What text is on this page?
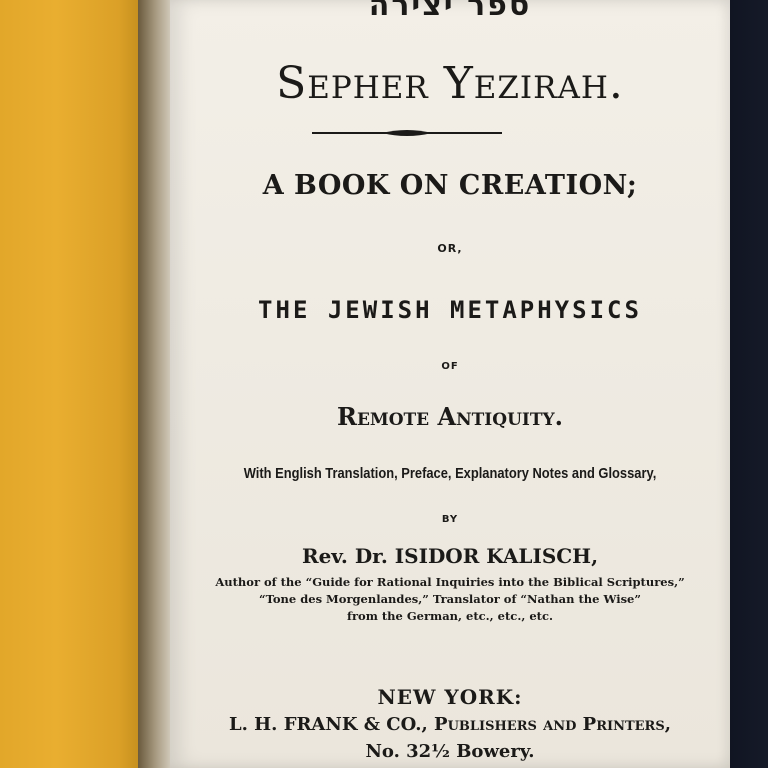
ספר יצירה
Sepher Yezirah.
A BOOK ON CREATION;
OR,
THE JEWISH METAPHYSICS
OF
Remote Antiquity.
With English Translation, Preface, Explanatory Notes and Glossary,
BY
Rev. Dr. ISIDOR KALISCH,
Author of the “Guide for Rational Inquiries into the Biblical Scriptures,”
“Tone des Morgenlandes,” Translator of “Nathan the Wise”
from the German, etc., etc., etc.
NEW YORK:
L. H. FRANK & CO., Publishers and Printers,
No. 32½ Bowery.
